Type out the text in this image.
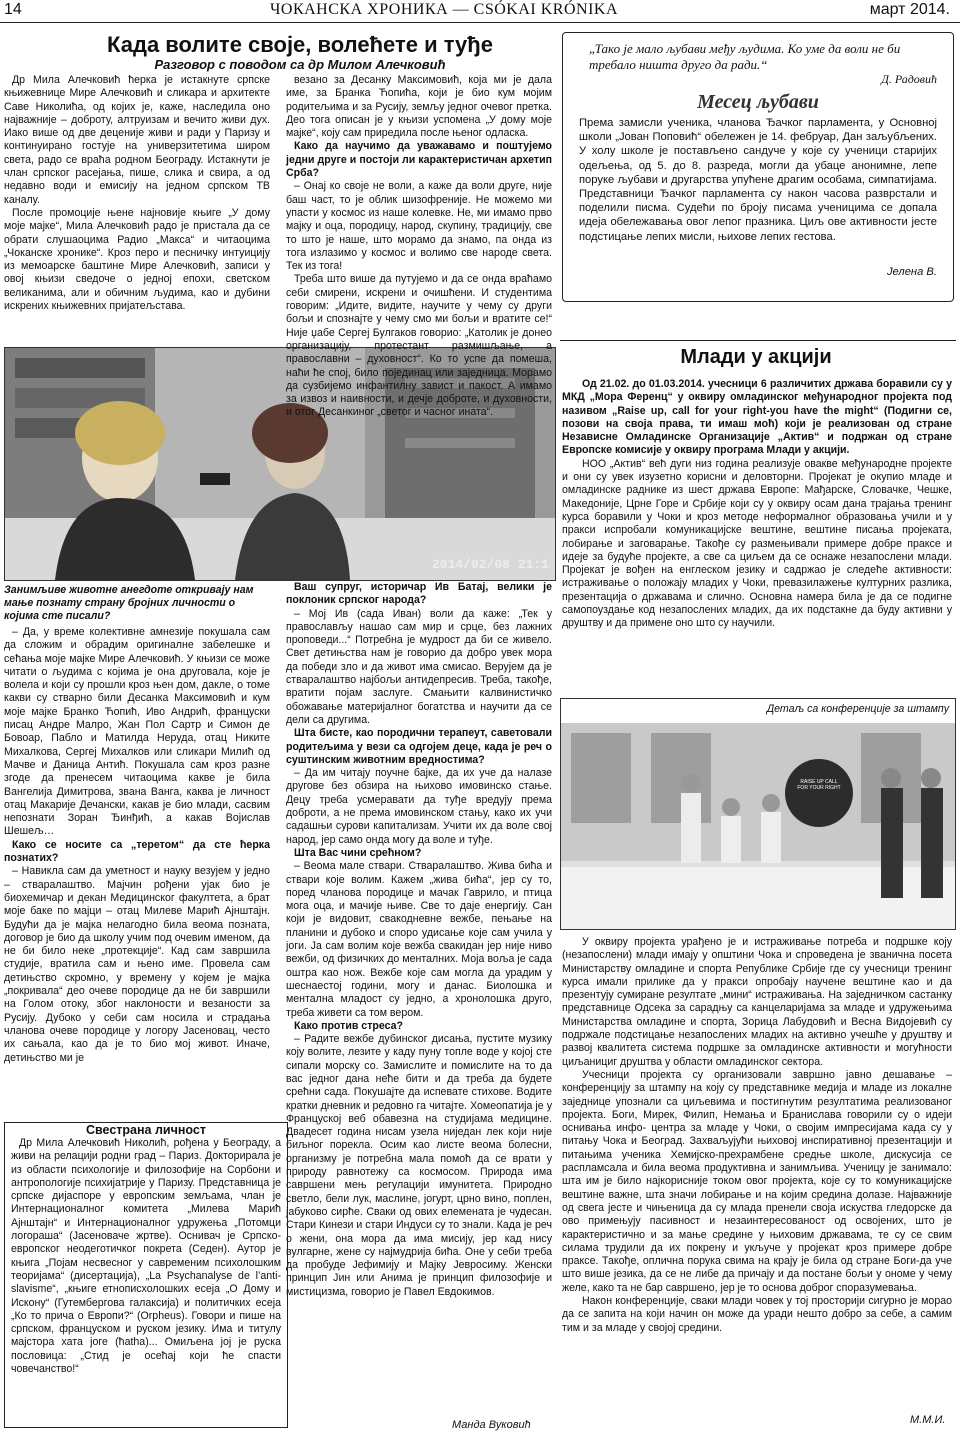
14	ЧОКАНСКА ХРОНИКА — CSÓKAI KRÓNIKA	март 2014.
Када волите своје, волећете и туђе
Разговор с поводом са др Милом Алечковић

Др Мила Алечковић ћерка је истакнуте српске књижевнице Мире Алечковић и сликара и архитекте Саве Николића, од којих је, каже, наследила оно најважније – доброту, алтруизам и вечито живи дух. Иако више од две деценије живи и ради у Паризу и континуирано гостује на универзитетима широм света, радо се враћа родном Београду. Истакнути је члан српског расејања, пише, слика и свира, а од недавно води и емисију на једном српском ТВ каналу.

После промоције њене најновије књиге „У дому моје мајке“, Мила Алечковић радо је пристала да се обрати слушаоцима Радио „Макса“ и читаоцима „Чоканске хронике“. Кроз перо и песничку интуицију из мемоарске баштине Мире Алечковић, записи у овој књизи сведоче о једној епохи, светском великанима, али и обичним људима, као и дубини искрених књижевних пријатељстава.

2014/02/08 21:1

Занимљиве животне анегдоте откривају нам мање познату страну бројних личности о којима сте писали?

– Да, у време колективне амнезије покушала сам да сложим и обрадим оригиналне забелешке и сећања моје мајке Мире Алечковић. У књизи се може читати о људима с којима је она друговала, које је волела и који су прошли кроз њен дом, дакле, о томе какви су стварно били Десанка Максимовић и кум моје мајке Бранко Ћопић, Иво Андрић, француски писац Андре Малро, Жан Пол Сартр и Симон де Бовоар, Пабло и Матилда Неруда, отац Никите Михалкова, Сергеј Михалков или сликари Милић од Мачве и Даница Антић. Покушала сам кроз разне згоде да пренесем читаоцима какве је била Вангелија Димитрова, звана Ванга, каква је личност отац Макарије Дечански, какав је био млади, сасвим непознати Зоран Ђинђић, а какав Војислав Шешељ…

Како се носите са „теретом“ да сте ћерка познатих?

– Навикла сам да уметност и науку везујем у једно – стваралаштво. Мајчин рођени ујак био је биохемичар и декан Медицинског факултета, а брат моје баке по мајци – отац Милеве Марић Ајнштајн. Будући да је мајка нелагодно била веома позната, договор је био да школу учим под очевим именом, да не би било неке „протекције“. Кад сам завршила студије, вратила сам и њено име. Провела сам детињство скромно, у времену у којем је мајка „покривала“ део очеве породице да не би завршили на Голом отоку, због наклоности и везаности за Русију. Дубоко у себи сам носила и страдања чланова очеве породице у логору Јасеновац, често их сањала, као да је то био мој живот. Иначе, детињство ми је

везано за Десанку Максимовић, која ми је дала име, за Бранка Ћопића, који је био кум мојим родитељима и за Русију, земљу једног очевог претка. Део тога описан је у књизи успомена „У дому моје мајке“, коју сам приредила после њеног одласка.

Како да научимо да уважавамо и поштујемо једни друге и постоји ли карактеристичан архетип Срба?

– Онај ко своје не воли, а каже да воли друге, није баш част, то је облик шизофреније. Не можемо ми упасти у космос из наше колевке. Не, ми имамо прво мајку и оца, породицу, народ, скупину, традицију, све то што је наше, што морамо да знамо, па онда из тога излазимо у космос и волимо све народе света. Тек из тога!

Треба што више да путујемо и да се онда враћамо себи смирени, искрени и очишћени. И студентима говорим: „Идите, видите, научите у чему су други бољи и спознајте у чему смо ми бољи и вратите се!“ Није џабе Сергеј Булгаков говорио: „Католик је донео организацију, протестант размишљање, а православни – духовност“. Ко то успе да помеша, наћи ће спој, било појединац или заједница. Морамо да сузбијемо инфантилну завист и пакост. А имамо за извоз и наивности, и дечје доброте, и духовности, и отог Десанкиног „светог и часног ината“.

Ваш супруг, историчар Ив Батај, велики је поклоник српског народа?

– Мој Ив (сада Иван) воли да каже: „Тек у православљу нашао сам мир и срце, без лажних проповеди...“ Потребна је мудрост да би се живело. Свет детињства нам је говорио да добро увек мора да победи зло и да живот има смисао. Верујем да је стваралаштво најбољи антидепресив. Треба, такође, вратити појам заслуге. Смањити калвинистичко обожавање материјалног богатства и научити да се дели са другима.

Шта бисте, као породични терапеут, саветовали родитељима у вези са одгојем деце, када је реч о суштинским животним вредностима?

– Да им читају поучне бајке, да их уче да налазе другове без обзира на њихово имовинско стање. Децу треба усмеравати да туђе вредују према доброти, а не према имовинском стању, како их учи садашњи сурови капитализам. Учити их да воле свој народ, јер само онда могу да воле и туђе.

Шта Вас чини срећном?

– Веома мале ствари. Стваралаштво. Жива бића и ствари које волим. Кажем „жива бића“, јер су то, поред чланова породице и мачак Гаврило, и птица мога оца, и мачије њиве. Све то даје енергију. Сан који је видовит, свакодневне вежбе, пењање на планини и дубоко и споро удисање које сам учила у јоги. Ја сам волим које вежба свакидан јер није ниво вежби, од физичких до менталних. Моја воља је сада оштра као нож. Вежбе које сам могла да урадим у шеснаестој години, могу и данас. Биолошка и ментална младост су једно, а хронолошка друго, треба живети са том вером.

Како против стреса?

– Радите вежбе дубинског дисања, пустите музику коју волите, лезите у каду пуну топле воде у којој сте сипали морску со. Замислите и помислите на то да вас једног дана неће бити и да треба да будете срећни сада. Покушајте да испевате стихове. Водите кратки дневник и редовно га читајте. Хомеопатија је у Француској веб обавезна на студијама медицине. Двадесет година нисам узела ниједан лек који није биљног порекла. Осим као листе веома болесни, организму је потребна мала помоћ да се врати у природу равнотежу са космосом. Природа има савршени мењ регулацији имунитета. Природно светло, бели лук, маслине, јогурт, црно вино, поплен, јабуково сирће. Сваки од ових елемената је чудесан. Стари Кинези и стари Индуси су то знали. Када је реч о жени, она мора да има мисију, јер кад нису вулгарне, жене су најмудрија бића. Оне у себи треба да пробуде Јефимију и Мајку Јевросиму. Женски принцип Јин или Анима је принцип филозофије и мистицизма, говорио је Павел Евдокимов.

Манда Вуковић
Свестрана личност

Др Мила Алечковић Николић, рођена у Београду, а живи на релацији родни град – Париз. Докторирала је из области психологије и филозофије на Сорбони и антропологије психијатрије у Паризу. Представница је српске дијаспоре у европским земљама, члан је Интернационалног комитета „Милева Марић Ајнштајн“ и Интернационалног удружења „Потомци логораша“ (Јасеноваче жртве). Оснивач је Српско-европског неодеготичког покрета (Седен). Аутор је књига „Појам несвесног у савременим психолошким теоријама“ (дисертација), „La Psychanalyse de l’anti-slavisme“, „књиге етнописхолошких есеја „О Дому и Искону“ (Гутембергова галаксија) и политичких есеја „Ко то прича о Европи?“ (Orpheus). Говори и пише на српском, француском и руском језику. Има и титулу мајстора хата јоге (ћatha)... Омиљена јој је руска пословица: „Стид је осећај који ће спасти човечанство!“

„Тако је мало љубави међу људима. Ко уме да воли не би требало ништа друго да ради.“
Д. Радовић
Месец љубави
Према замисли ученика, чланова Ђачког парламента, у Основној школи „Јован Поповић“ обележен је 14. фебруар, Дан заљубљених. У холу школе је постављено сандуче у које су ученици старијих одељења, од 5. до 8. разреда, могли да убаце анонимне, лепе поруке љубави и другарства упућене драгим особама, симпатијама. Представници Ђачког парламента су након часова разврстали и поделили писма. Судећи по броју писама ученицима се допала идеја обележавања овог лепог празника. Циљ ове активности јесте подстицање лепих мисли, њихове лепих гестова.
Јелена В.
Млади у акцији

Од 21.02. до 01.03.2014. учесници 6 различитих држава боравили су у МКД „Мора Ференц“ у оквиру омладинског међународног пројекта под називом „Raise up, call for your right-you have the might“ (Подигни се, позови на своја права, ти имаш моћ) који је реализован од стране Независне Омладинске Организације „Актив“ и подржан од стране Европске комисије у оквиру програма Млади у акцији.

НОО „Актив“ већ дуги низ година реализује овакве међународне пројекте и они су увек изузетно корисни и деловторни. Пројекат је окупио младе и омладинске раднике из шест држава Европе: Мађарске, Словачке, Чешке, Македоније, Црне Горе и Србије који су у оквиру осам дана трајања тренинг курса боравили у Чоки и кроз методе неформалног образовања учили и у пракси испробали комуникацијске вештине, вештине писања пројеката, лобирање и заговарање. Такође су размењивали примере добре праксе и идеје за будуће пројекте, а све са циљем да се оснаже незапослени млади. Пројекат је вођен на енглеском језику и садржао је следеће активности: истраживање о положају младих у Чоки, превазилажење културних разлика, презентација о државама и слично. Основна намера била је да се подигне самопоуздање код незапослених младих, да их подстакне да буду активни у друштву и да примене оно што су научили.

Детаљ са конференције за штампу
RAISE UP CALL FOR YOUR RIGHT

У оквиру пројекта урађено је и истраживање потреба и подршке коју (незапослени) млади имају у општини Чока и спроведена је званична посета Министарству омладине и спорта Републике Србије где су учесници тренинг курса имали прилике да у пракси опробају научене вештине као и да презентују сумиране резултате „мини“ истраживања. На заједничком састанку представнице Одсека за сарадњу са канцеларијама за младе и удружењима Министарства омладине и спорта, Зорица Лабудовић и Весна Видојевић су подржале подстицање незапослених младих на активно учешће у друштву и развој квалитета система подршке за омладинске активности и могућности циљанициг друштва у области омладинског сектора.

Учесници пројекта су организовали завршно јавно дешавање – конференцију за штампу на коју су представнике медија и младе из локалне заједнице упознали са циљевима и постигнутим резултатима реализованог пројекта. Боги, Мирек, Филип, Немања и Бранислава говорили су о идеји оснивања инфо- центра за младе у Чоки, о својим импресијама када су у питању Чока и Београд. Захваљујући њиховој инспиративној презентацији и питањима ученика Хемијско-прехрамбене средње школе, дискусија се распламсала и била веома продуктивна и занимљива. Ученицу је занимало: шта им је било најкорисније током овог пројекта, које су то комуникацијске вештине важне, шта значи лобирање и на којим средина долазе. Најважније од свега јесте и чињеница да су млада пренели своја искуства гледорске да ово примењују пасивност и незаинтересованост од освојених, штo је карактеристично и за мање средине у њиховим државама, те су се свим силама трудили да их покрену и укључе у пројекат кроз примере добре праксе. Такође, оплична порука свима на крају је била од стране Боги-да уче што више језика, да се не либе да причају и да постане бољи у ономе у чему желе, како та не бар савршено, јер је то основа доброг споразумевања.

Након конференције, сваки млади човек у тој просторији сигурно је морао да се запита на који начин он може да уради нешто добро за себе, а самим тим и за младе у својој средини.

М.М.И.
